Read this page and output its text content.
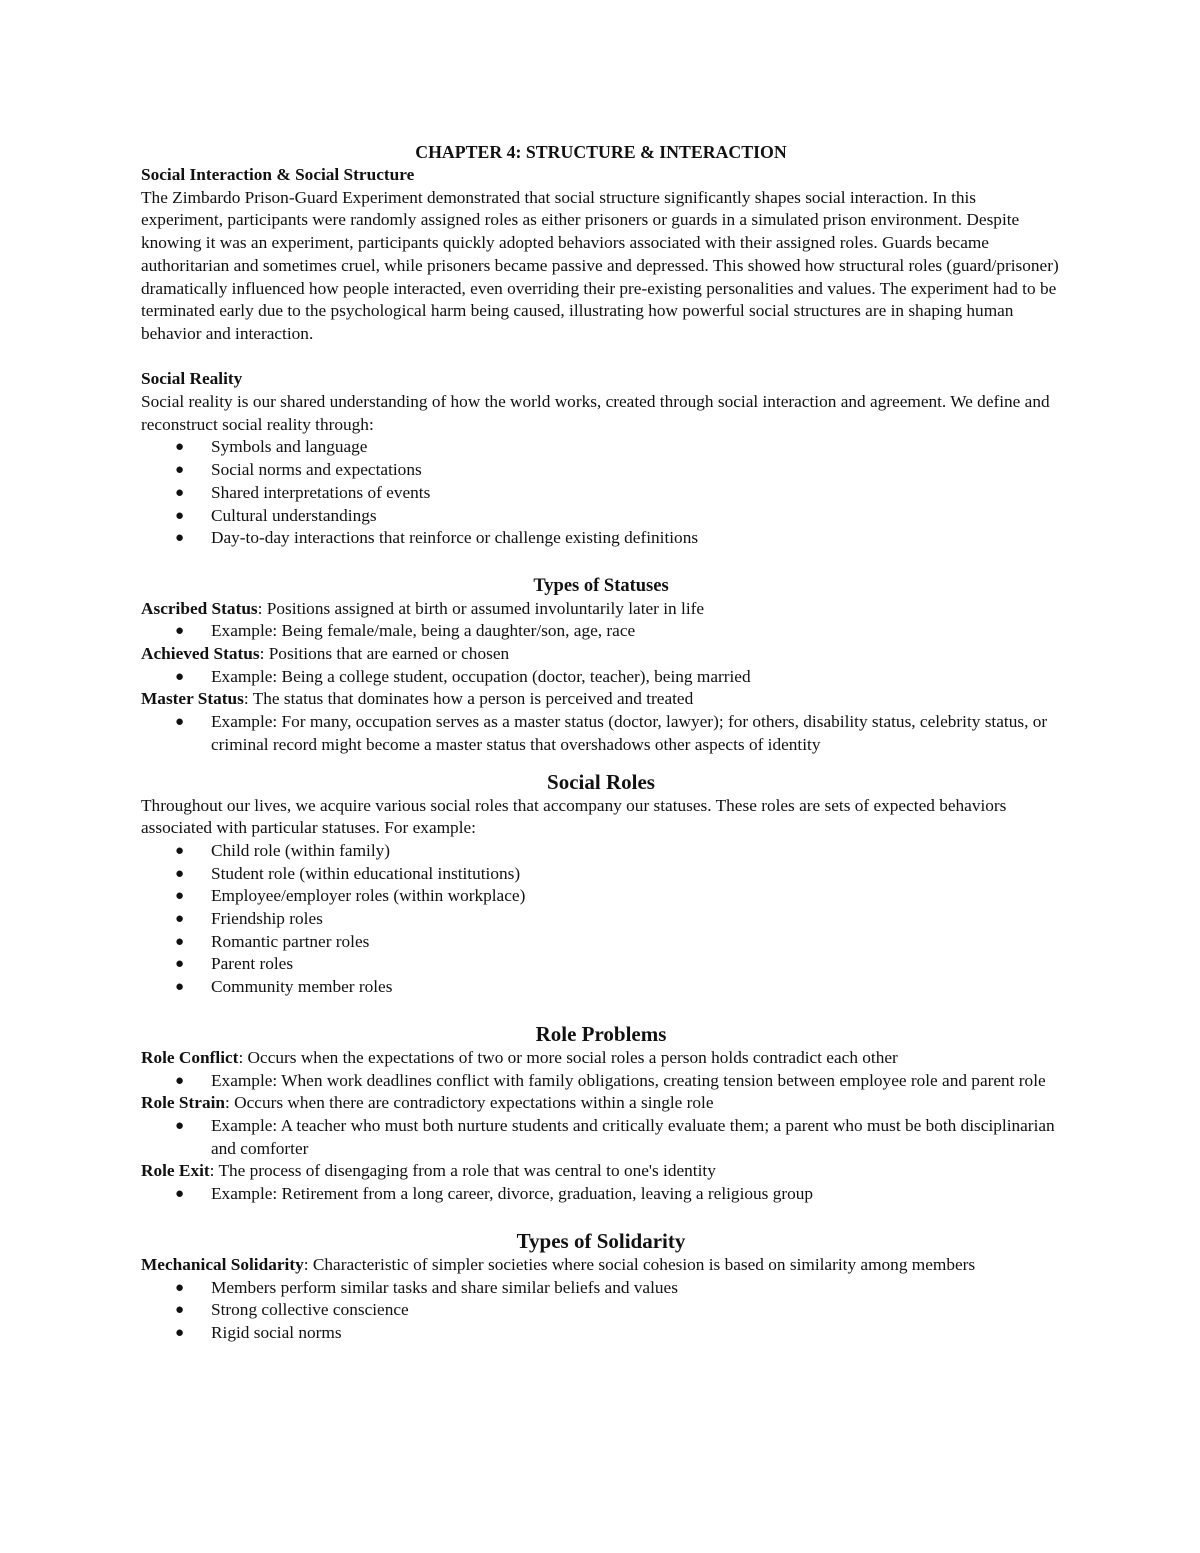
CHAPTER 4: STRUCTURE & INTERACTION

Social Interaction & Social Structure

The Zimbardo Prison-Guard Experiment demonstrated that social structure significantly shapes social interaction. In this experiment, participants were randomly assigned roles as either prisoners or guards in a simulated prison environment. Despite knowing it was an experiment, participants quickly adopted behaviors associated with their assigned roles. Guards became authoritarian and sometimes cruel, while prisoners became passive and depressed. This showed how structural roles (guard/prisoner) dramatically influenced how people interacted, even overriding their pre-existing personalities and values. The experiment had to be terminated early due to the psychological harm being caused, illustrating how powerful social structures are in shaping human behavior and interaction.

Social Reality

Social reality is our shared understanding of how the world works, created through social interaction and agreement. We define and reconstruct social reality through:

● Symbols and language
● Social norms and expectations
● Shared interpretations of events
● Cultural understandings
● Day-to-day interactions that reinforce or challenge existing definitions

Types of Statuses

Ascribed Status: Positions assigned at birth or assumed involuntarily later in life

● Example: Being female/male, being a daughter/son, age, race

Achieved Status: Positions that are earned or chosen

● Example: Being a college student, occupation (doctor, teacher), being married

Master Status: The status that dominates how a person is perceived and treated

● Example: For many, occupation serves as a master status (doctor, lawyer); for others, disability status, celebrity status, or criminal record might become a master status that overshadows other aspects of identity

Social Roles

Throughout our lives, we acquire various social roles that accompany our statuses. These roles are sets of expected behaviors associated with particular statuses. For example:

● Child role (within family)
● Student role (within educational institutions)
● Employee/employer roles (within workplace)
● Friendship roles
● Romantic partner roles
● Parent roles
● Community member roles

Role Problems

Role Conflict: Occurs when the expectations of two or more social roles a person holds contradict each other

● Example: When work deadlines conflict with family obligations, creating tension between employee role and parent role

Role Strain: Occurs when there are contradictory expectations within a single role

● Example: A teacher who must both nurture students and critically evaluate them; a parent who must be both disciplinarian and comforter

Role Exit: The process of disengaging from a role that was central to one's identity

● Example: Retirement from a long career, divorce, graduation, leaving a religious group

Types of Solidarity

Mechanical Solidarity: Characteristic of simpler societies where social cohesion is based on similarity among members

● Members perform similar tasks and share similar beliefs and values
● Strong collective conscience
● Rigid social norms
